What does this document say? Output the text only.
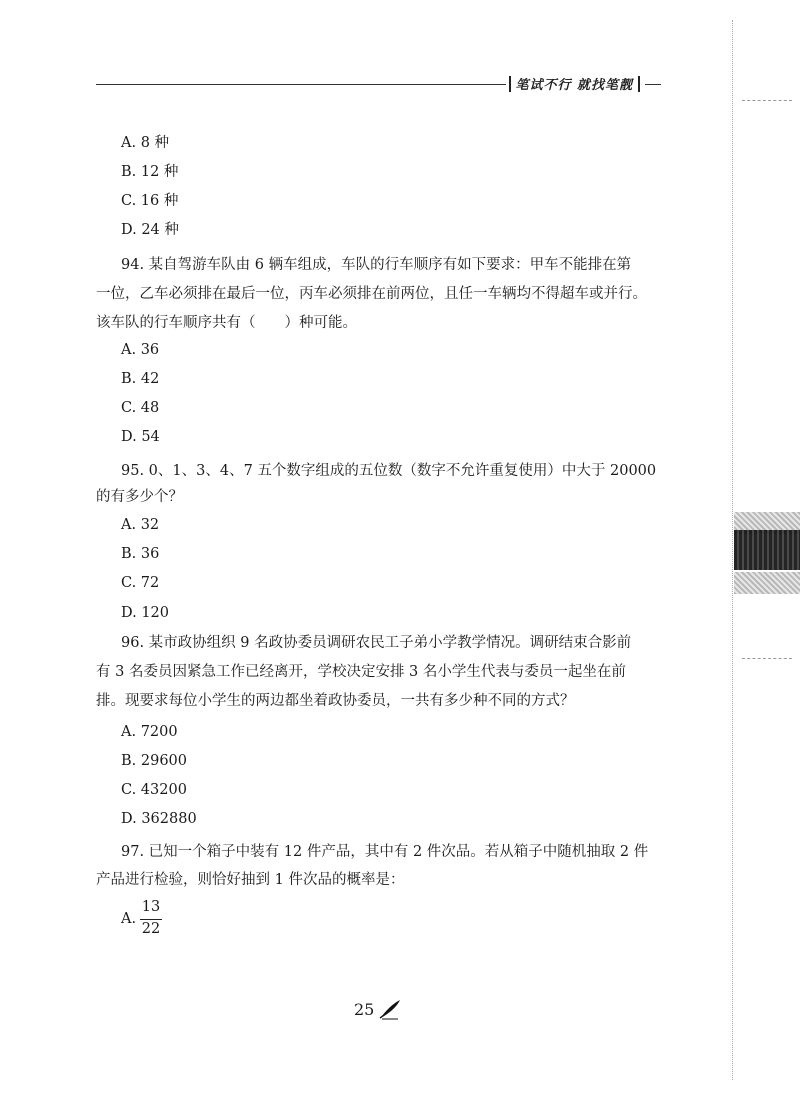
笔试不行 就找笔靓
A. 8 种
B. 12 种
C. 16 种
D. 24 种
94. 某自驾游车队由 6 辆车组成，车队的行车顺序有如下要求：甲车不能排在第
一位，乙车必须排在最后一位，丙车必须排在前两位，且任一车辆均不得超车或并行。
该车队的行车顺序共有（　　）种可能。
A. 36
B. 42
C. 48
D. 54
95. 0、1、3、4、7 五个数字组成的五位数（数字不允许重复使用）中大于 20000
的有多少个？
A. 32
B. 36
C. 72
D. 120
96. 某市政协组织 9 名政协委员调研农民工子弟小学教学情况。调研结束合影前
有 3 名委员因紧急工作已经离开，学校决定安排 3 名小学生代表与委员一起坐在前
排。现要求每位小学生的两边都坐着政协委员，一共有多少种不同的方式？
A. 7200
B. 29600
C. 43200
D. 362880
97. 已知一个箱子中装有 12 件产品，其中有 2 件次品。若从箱子中随机抽取 2 件
产品进行检验，则恰好抽到 1 件次品的概率是：
A.
13
22
25
